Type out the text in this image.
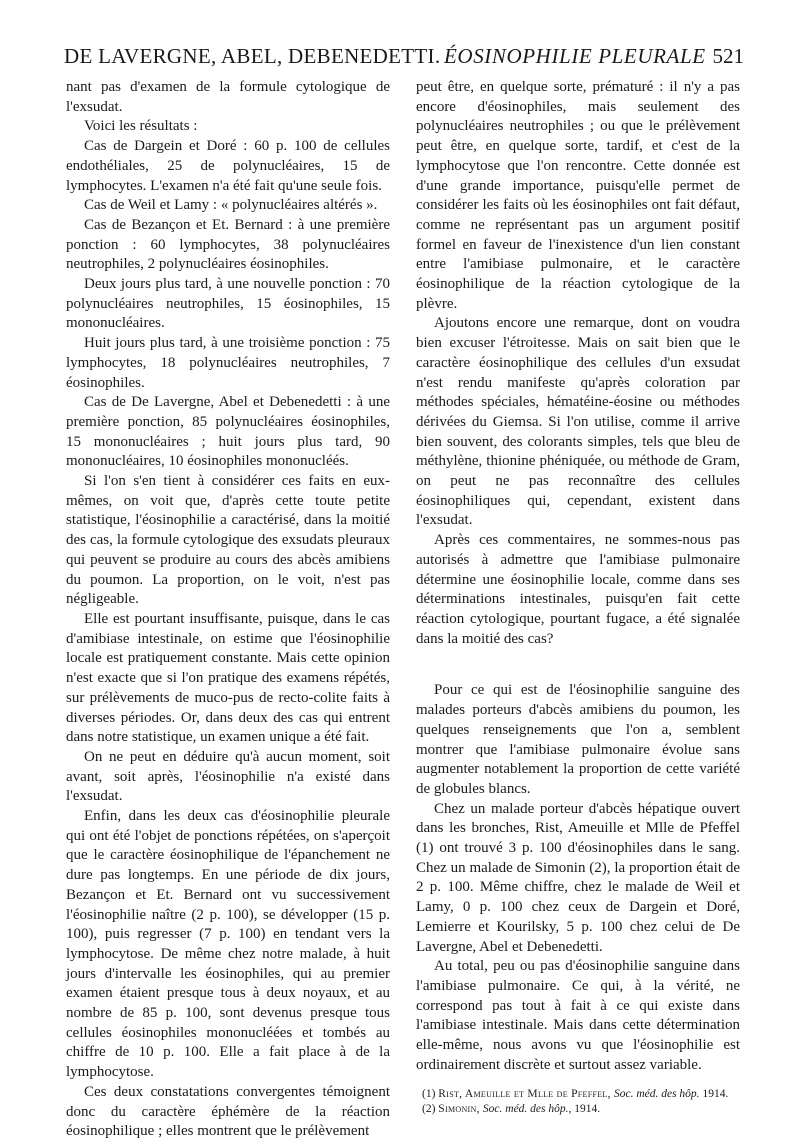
DE LAVERGNE, ABEL, DEBENEDETTI. ÉOSINOPHILIE PLEURALE 521

nant pas d'examen de la formule cytologique de l'exsudat.

Voici les résultats :

Cas de Dargein et Doré : 60 p. 100 de cellules endothéliales, 25 de polynucléaires, 15 de lymphocytes. L'examen n'a été fait qu'une seule fois.

Cas de Weil et Lamy : « polynucléaires altérés ».

Cas de Bezançon et Et. Bernard : à une première ponction : 60 lymphocytes, 38 polynucléaires neutrophiles, 2 polynucléaires éosinophiles.

Deux jours plus tard, à une nouvelle ponction : 70 polynucléaires neutrophiles, 15 éosinophiles, 15 mononucléaires.

Huit jours plus tard, à une troisième ponction : 75 lymphocytes, 18 polynucléaires neutrophiles, 7 éosinophiles.

Cas de De Lavergne, Abel et Debenedetti : à une première ponction, 85 polynucléaires éosinophiles, 15 mononucléaires ; huit jours plus tard, 90 mononucléaires, 10 éosinophiles mononucléés.

Si l'on s'en tient à considérer ces faits en eux-mêmes, on voit que, d'après cette toute petite statistique, l'éosinophilie a caractérisé, dans la moitié des cas, la formule cytologique des exsudats pleuraux qui peuvent se produire au cours des abcès amibiens du poumon. La proportion, on le voit, n'est pas négligeable.

Elle est pourtant insuffisante, puisque, dans le cas d'amibiase intestinale, on estime que l'éosinophilie locale est pratiquement constante. Mais cette opinion n'est exacte que si l'on pratique des examens répétés, sur prélèvements de muco-pus de recto-colite faits à diverses périodes. Or, dans deux des cas qui entrent dans notre statistique, un examen unique a été fait.

On ne peut en déduire qu'à aucun moment, soit avant, soit après, l'éosinophilie n'a existé dans l'exsudat.

Enfin, dans les deux cas d'éosinophilie pleurale qui ont été l'objet de ponctions répétées, on s'aperçoit que le caractère éosinophilique de l'épanchement ne dure pas longtemps. En une période de dix jours, Bezançon et Et. Bernard ont vu successivement l'éosinophilie naître (2 p. 100), se développer (15 p. 100), puis regresser (7 p. 100) en tendant vers la lymphocytose. De même chez notre malade, à huit jours d'intervalle les éosinophiles, qui au premier examen étaient presque tous à deux noyaux, et au nombre de 85 p. 100, sont devenus presque tous cellules éosinophiles mononucléées et tombés au chiffre de 10 p. 100. Elle a fait place à de la lymphocytose.

Ces deux constatations convergentes témoignent donc du caractère éphémère de la réaction éosinophilique ; elles montrent que le prélèvement

peut être, en quelque sorte, prématuré : il n'y a pas encore d'éosinophiles, mais seulement des polynucléaires neutrophiles ; ou que le prélèvement peut être, en quelque sorte, tardif, et c'est de la lymphocytose que l'on rencontre. Cette donnée est d'une grande importance, puisqu'elle permet de considérer les faits où les éosinophiles ont fait défaut, comme ne représentant pas un argument positif formel en faveur de l'inexistence d'un lien constant entre l'amibiase pulmonaire, et le caractère éosinophilique de la réaction cytologique de la plèvre.

Ajoutons encore une remarque, dont on voudra bien excuser l'étroitesse. Mais on sait bien que le caractère éosinophilique des cellules d'un exsudat n'est rendu manifeste qu'après coloration par méthodes spéciales, hématéine-éosine ou méthodes dérivées du Giemsa. Si l'on utilise, comme il arrive bien souvent, des colorants simples, tels que bleu de méthylène, thionine phéniquée, ou méthode de Gram, on peut ne pas reconnaître des cellules éosinophiliques qui, cependant, existent dans l'exsudat.

Après ces commentaires, ne sommes-nous pas autorisés à admettre que l'amibiase pulmonaire détermine une éosinophilie locale, comme dans ses déterminations intestinales, puisqu'en fait cette réaction cytologique, pourtant fugace, a été signalée dans la moitié des cas?

Pour ce qui est de l'éosinophilie sanguine des malades porteurs d'abcès amibiens du poumon, les quelques renseignements que l'on a, semblent montrer que l'amibiase pulmonaire évolue sans augmenter notablement la proportion de cette variété de globules blancs.

Chez un malade porteur d'abcès hépatique ouvert dans les bronches, Rist, Ameuille et Mlle de Pfeffel (1) ont trouvé 3 p. 100 d'éosinophiles dans le sang. Chez un malade de Simonin (2), la proportion était de 2 p. 100. Même chiffre, chez le malade de Weil et Lamy, 0 p. 100 chez ceux de Dargein et Doré, Lemierre et Kourilsky, 5 p. 100 chez celui de De Lavergne, Abel et Debenedetti.

Au total, peu ou pas d'éosinophilie sanguine dans l'amibiase pulmonaire. Ce qui, à la vérité, ne correspond pas tout à fait à ce qui existe dans l'amibiase intestinale. Mais dans cette détermination elle-même, nous avons vu que l'éosinophilie est ordinairement discrète et surtout assez variable.

(1) Rist, Ameuille et Mlle de Pfeffel, Soc. méd. des hôp. 1914.

(2) Simonin, Soc. méd. des hôp., 1914.
